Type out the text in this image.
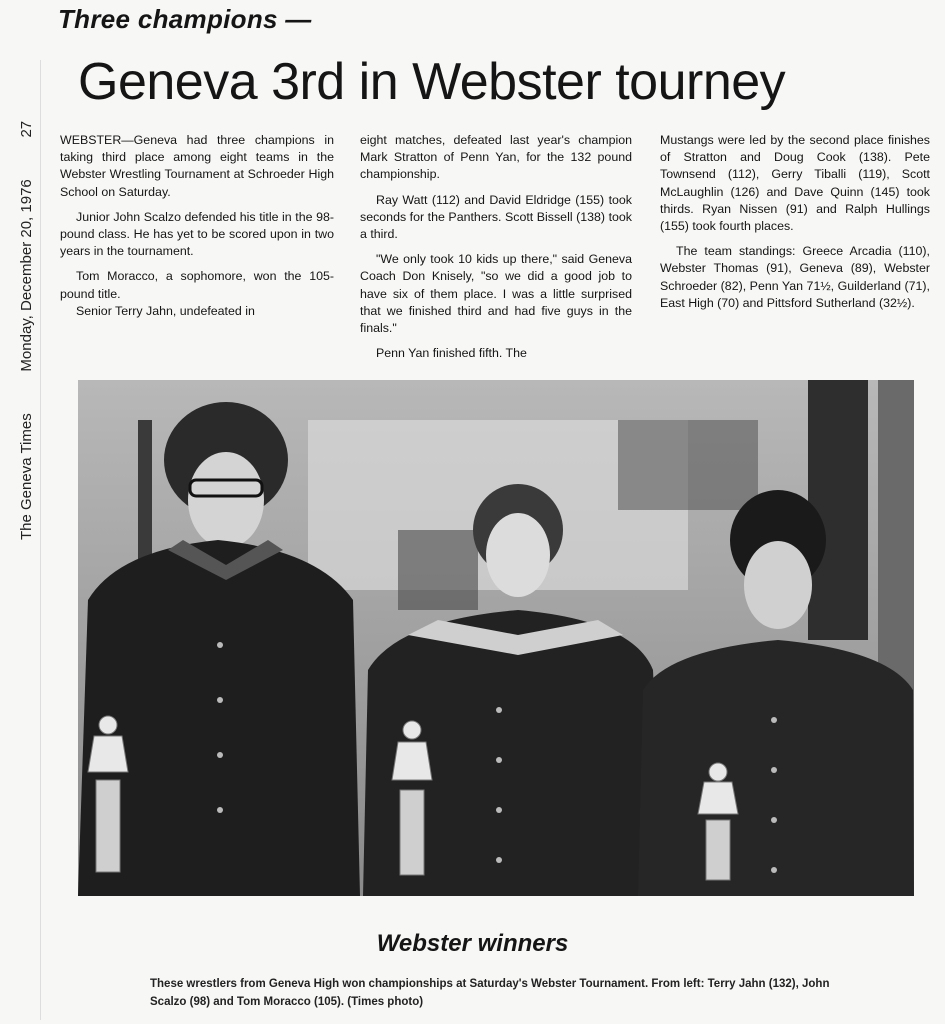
The Geneva Times          Monday, December 20, 1976          27
Three champions —
Geneva 3rd in Webster tourney

WEBSTER—Geneva had three champions in taking third place among eight teams in the Webster Wrestling Tournament at Schroeder High School on Saturday.

Junior John Scalzo defended his title in the 98-pound class. He has yet to be scored upon in two years in the tournament.

Tom Moracco, a sophomore, won the 105-pound title.

Senior Terry Jahn, undefeated in

eight matches, defeated last year's champion Mark Stratton of Penn Yan, for the 132 pound championship.

Ray Watt (112) and David Eldridge (155) took seconds for the Panthers. Scott Bissell (138) took a third.

"We only took 10 kids up there," said Geneva Coach Don Knisely, "so we did a good job to have six of them place. I was a little surprised that we finished third and had five guys in the finals."

Penn Yan finished fifth. The

Mustangs were led by the second place finishes of Stratton and Doug Cook (138). Pete Townsend (112), Gerry Tiballi (119), Scott McLaughlin (126) and Dave Quinn (145) took thirds. Ryan Nissen (91) and Ralph Hullings (155) took fourth places.

The team standings: Greece Arcadia (110), Webster Thomas (91), Geneva (89), Webster Schroeder (82), Penn Yan 71½, Guilderland (71), East High (70) and Pittsford Sutherland (32½).

Webster winners
These wrestlers from Geneva High won championships at Saturday's Webster Tournament. From left: Terry Jahn (132), John Scalzo (98) and Tom Moracco (105). (Times photo)
